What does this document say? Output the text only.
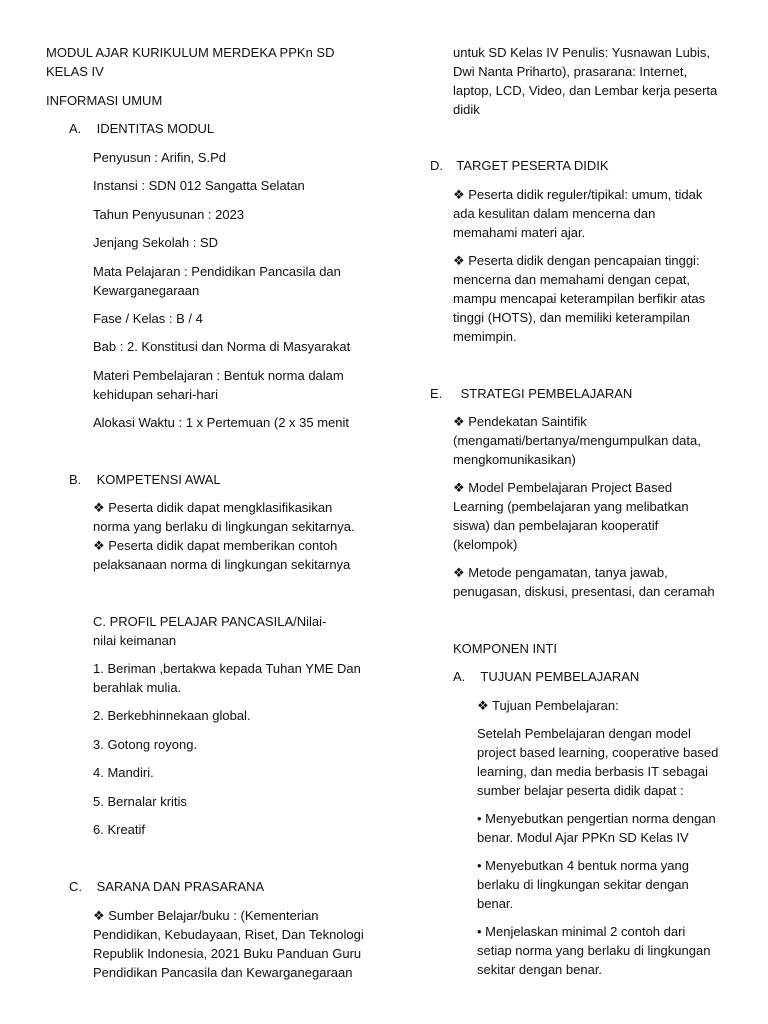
MODUL AJAR KURIKULUM MERDEKA PPKn SD KELAS IV
INFORMASI UMUM
A. IDENTITAS MODUL
Penyusun : Arifin, S.Pd
Instansi : SDN 012 Sangatta Selatan
Tahun Penyusunan : 2023
Jenjang Sekolah : SD
Mata Pelajaran : Pendidikan Pancasila dan Kewarganegaraan
Fase / Kelas : B / 4
Bab : 2. Konstitusi dan Norma di Masyarakat
Materi Pembelajaran : Bentuk norma dalam kehidupan sehari-hari
Alokasi Waktu : 1 x Pertemuan (2 x 35 menit
B. KOMPETENSI AWAL
❖ Peserta didik dapat mengklasifikasikan norma yang berlaku di lingkungan sekitarnya.
❖ Peserta didik dapat memberikan contoh pelaksanaan norma di lingkungan sekitarnya
C. PROFIL PELAJAR PANCASILA/Nilai-nilai keimanan
1. Beriman ,bertakwa kepada Tuhan YME Dan berahlak mulia.
2. Berkebhinnekaan global.
3. Gotong royong.
4. Mandiri.
5. Bernalar kritis
6. Kreatif
C. SARANA DAN PRASARANA
❖ Sumber Belajar/buku : (Kementerian Pendidikan, Kebudayaan, Riset, Dan Teknologi Republik Indonesia, 2021 Buku Panduan Guru Pendidikan Pancasila dan Kewarganegaraan
untuk SD Kelas IV Penulis: Yusnawan Lubis, Dwi Nanta Priharto), prasarana: Internet, laptop, LCD, Video, dan Lembar kerja peserta didik
D. TARGET PESERTA DIDIK
❖ Peserta didik reguler/tipikal: umum, tidak ada kesulitan dalam mencerna dan memahami materi ajar.
❖ Peserta didik dengan pencapaian tinggi: mencerna dan memahami dengan cepat, mampu mencapai keterampilan berfikir atas tinggi (HOTS), dan memiliki keterampilan memimpin.
E. STRATEGI PEMBELAJARAN
❖ Pendekatan Saintifik (mengamati/bertanya/mengumpulkan data, mengkomunikasikan)
❖ Model Pembelajaran Project Based Learning (pembelajaran yang melibatkan siswa) dan pembelajaran kooperatif (kelompok)
❖ Metode pengamatan, tanya jawab, penugasan, diskusi, presentasi, dan ceramah
KOMPONEN INTI
A. TUJUAN PEMBELAJARAN
❖ Tujuan Pembelajaran:
Setelah Pembelajaran dengan model project based learning, cooperative based learning, dan media berbasis IT sebagai sumber belajar peserta didik dapat :
• Menyebutkan pengertian norma dengan benar. Modul Ajar PPKn SD Kelas IV
• Menyebutkan 4 bentuk norma yang berlaku di lingkungan sekitar dengan benar.
• Menjelaskan minimal 2 contoh dari setiap norma yang berlaku di lingkungan sekitar dengan benar.
